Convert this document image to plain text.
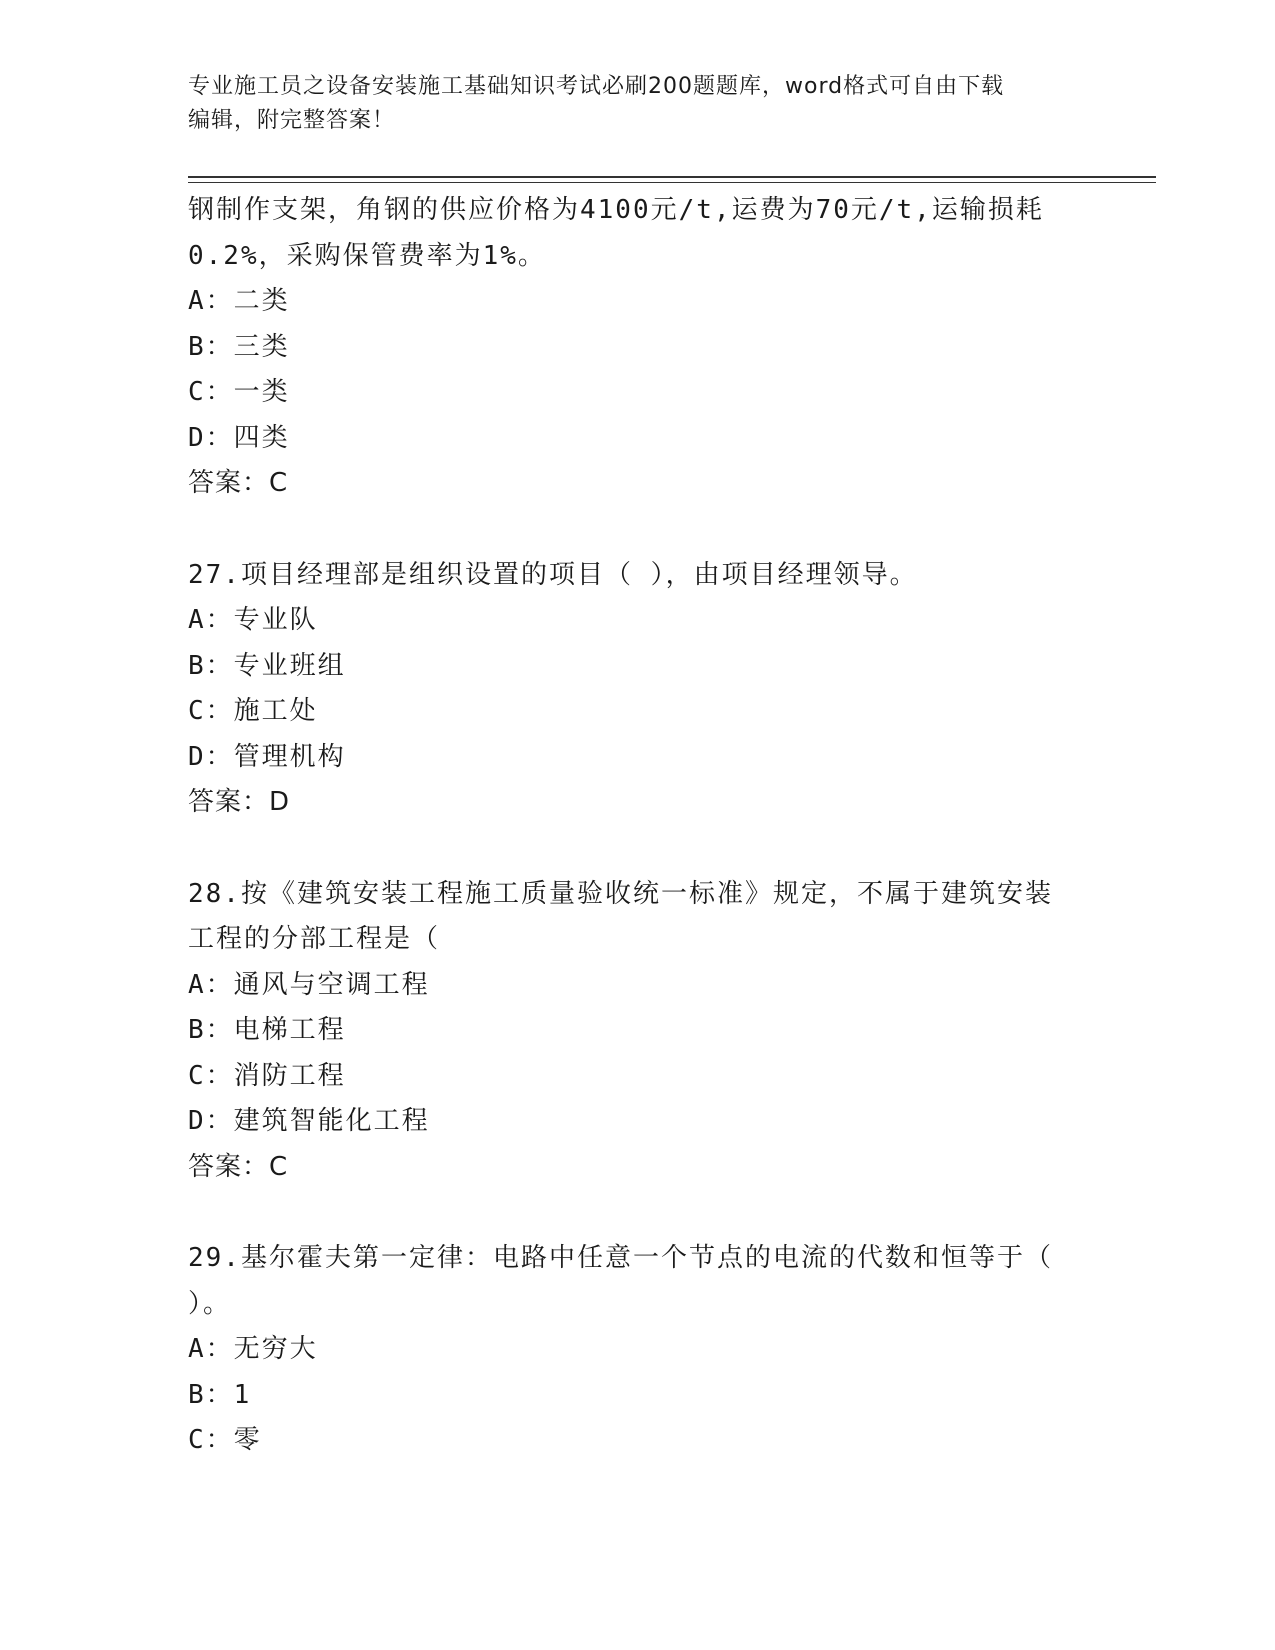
专业施工员之设备安装施工基础知识考试必刷200题题库，word格式可自由下载
编辑，附完整答案！
钢制作支架，角钢的供应价格为4100元/t,运费为70元/t,运输损耗
0.2%，采购保管费率为1%。
A：二类
B：三类
C：一类
D：四类
答案：C
27.项目经理部是组织设置的项目（ ），由项目经理领导。
A：专业队
B：专业班组
C：施工处
D：管理机构
答案：D
28.按《建筑安装工程施工质量验收统一标准》规定，不属于建筑安装
工程的分部工程是（
A：通风与空调工程
B：电梯工程
C：消防工程
D：建筑智能化工程
答案：C
29.基尔霍夫第一定律：电路中任意一个节点的电流的代数和恒等于（
）。
A：无穷大
B：1
C：零
